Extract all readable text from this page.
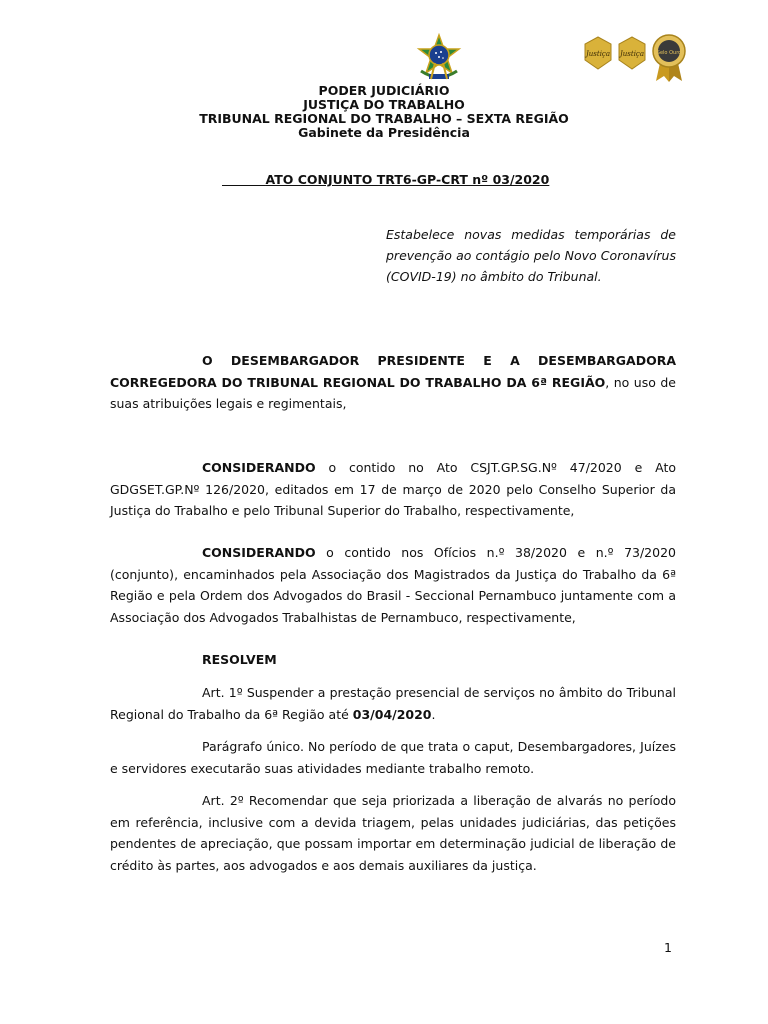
Justiça Justiça	Selo Ouro
PODER JUDICIÁRIO
JUSTIÇA DO TRABALHO
TRIBUNAL REGIONAL DO TRABALHO – SEXTA REGIÃO
Gabinete da Presidência
ATO CONJUNTO TRT6-GP-CRT nº 03/2020
Estabelece novas medidas temporárias de prevenção ao contágio pelo Novo Coronavírus (COVID-19) no âmbito do Tribunal.
O DESEMBARGADOR PRESIDENTE E A DESEMBARGADORA CORREGEDORA DO TRIBUNAL REGIONAL DO TRABALHO DA 6ª REGIÃO, no uso de suas atribuições legais e regimentais,
CONSIDERANDO o contido no Ato CSJT.GP.SG.Nº 47/2020 e Ato GDGSET.GP.Nº 126/2020, editados em 17 de março de 2020 pelo Conselho Superior da Justiça do Trabalho e pelo Tribunal Superior do Trabalho, respectivamente,
CONSIDERANDO o contido nos Ofícios n.º 38/2020 e n.º 73/2020 (conjunto), encaminhados pela Associação dos Magistrados da Justiça do Trabalho da 6ª Região e pela Ordem dos Advogados do Brasil - Seccional Pernambuco juntamente com a Associação dos Advogados Trabalhistas de Pernambuco, respectivamente,
RESOLVEM
Art. 1º Suspender a prestação presencial de serviços no âmbito do Tribunal Regional do Trabalho da 6ª Região até 03/04/2020.
Parágrafo único. No período de que trata o caput, Desembargadores, Juízes e servidores executarão suas atividades mediante trabalho remoto.
Art. 2º Recomendar que seja priorizada a liberação de alvarás no período em referência, inclusive com a devida triagem, pelas unidades judiciárias, das petições pendentes de apreciação, que possam importar em determinação judicial de liberação de crédito às partes, aos advogados e aos demais auxiliares da justiça.
1
